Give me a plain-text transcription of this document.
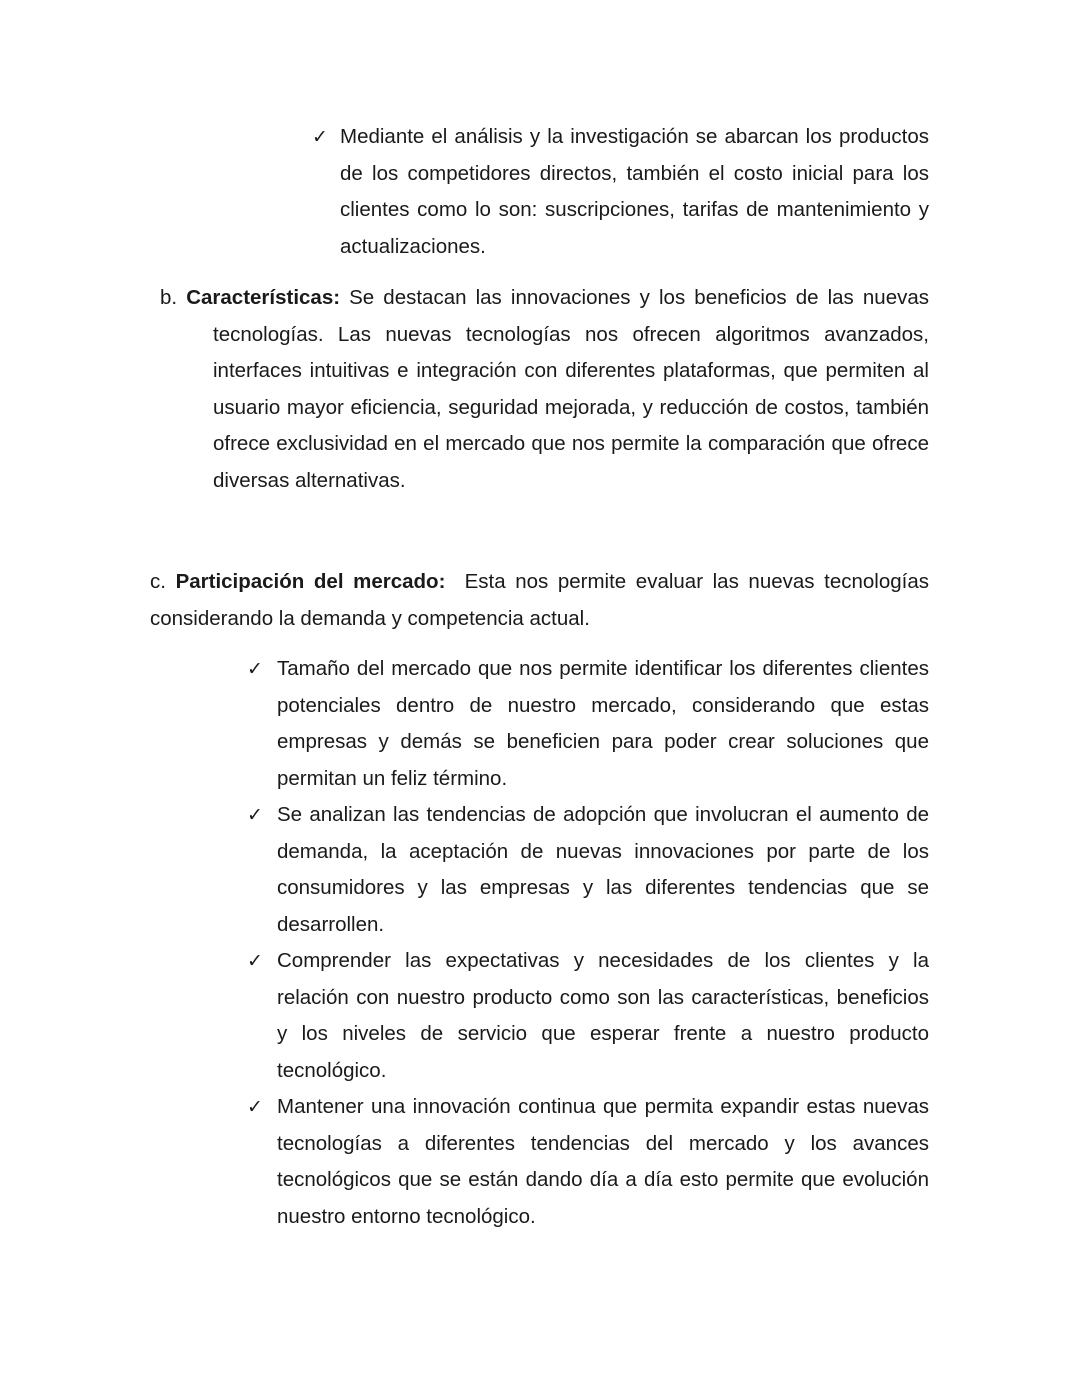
✓ Mediante el análisis y la investigación se abarcan los productos de los competidores directos, también el costo inicial para los clientes como lo son: suscripciones, tarifas de mantenimiento y actualizaciones.
b. Características: Se destacan las innovaciones y los beneficios de las nuevas tecnologías. Las nuevas tecnologías nos ofrecen algoritmos avanzados, interfaces intuitivas e integración con diferentes plataformas, que permiten al usuario mayor eficiencia, seguridad mejorada, y reducción de costos, también ofrece exclusividad en el mercado que nos permite la comparación que ofrece diversas alternativas.
c. Participación del mercado:  Esta nos permite evaluar las nuevas tecnologías considerando la demanda y competencia actual.
✓ Tamaño del mercado que nos permite identificar los diferentes clientes potenciales dentro de nuestro mercado, considerando que estas empresas y demás se beneficien para poder crear soluciones que permitan un feliz término.
✓ Se analizan las tendencias de adopción que involucran el aumento de demanda, la aceptación de nuevas innovaciones por parte de los consumidores y las empresas y las diferentes tendencias que se desarrollen.
✓ Comprender las expectativas y necesidades de los clientes y la relación con nuestro producto como son las características, beneficios y los niveles de servicio que esperar frente a nuestro producto tecnológico.
✓ Mantener una innovación continua que permita expandir estas nuevas tecnologías a diferentes tendencias del mercado y los avances tecnológicos que se están dando día a día esto permite que evolución nuestro entorno tecnológico.
